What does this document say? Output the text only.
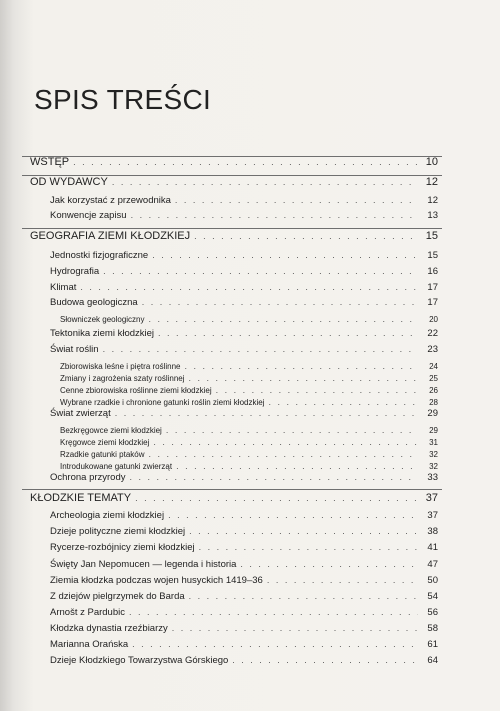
SPIS TREŚCI
WSTĘP . . .	10
OD WYDAWCY . . .	12
Jak korzystać z przewodnika . . .	12
Konwencje zapisu . . .	13
GEOGRAFIA ZIEMI KŁODZKIEJ . . .	15
Jednostki fizjograficzne . . .	15
Hydrografia . . .	16
Klimat . . .	17
Budowa geologiczna . . .	17
Słowniczek geologiczny . . .	20
Tektonika ziemi kłodzkiej . . .	22
Świat roślin . . .	23
Zbiorowiska leśne i piętra roślinne . . .	24
Zmiany i zagrożenia szaty roślinnej . . .	25
Cenne zbiorowiska roślinne ziemi kłodzkiej . . .	26
Wybrane rzadkie i chronione gatunki roślin ziemi kłodzkiej . . .	28
Świat zwierząt . . .	29
Bezkręgowce ziemi kłodzkiej . . .	29
Kręgowce ziemi kłodzkiej . . .	31
Rzadkie gatunki ptaków . . .	32
Introdukowane gatunki zwierząt . . .	32
Ochrona przyrody . . .	33
KŁODZKIE TEMATY . . .	37
Archeologia ziemi kłodzkiej . . .	37
Dzieje polityczne ziemi kłodzkiej . . .	38
Rycerze-rozbójnicy ziemi kłodzkiej . . .	41
Święty Jan Nepomucen — legenda i historia . . .	47
Ziemia kłodzka podczas wojen husyckich 1419–36 . . .	50
Z dziejów pielgrzymek do Barda . . .	54
Arnošt z Pardubic . . .	56
Kłodzka dynastia rzeźbiarzy . . .	58
Marianna Orańska . . .	61
Dzieje Kłodzkiego Towarzystwa Górskiego . . .	64
